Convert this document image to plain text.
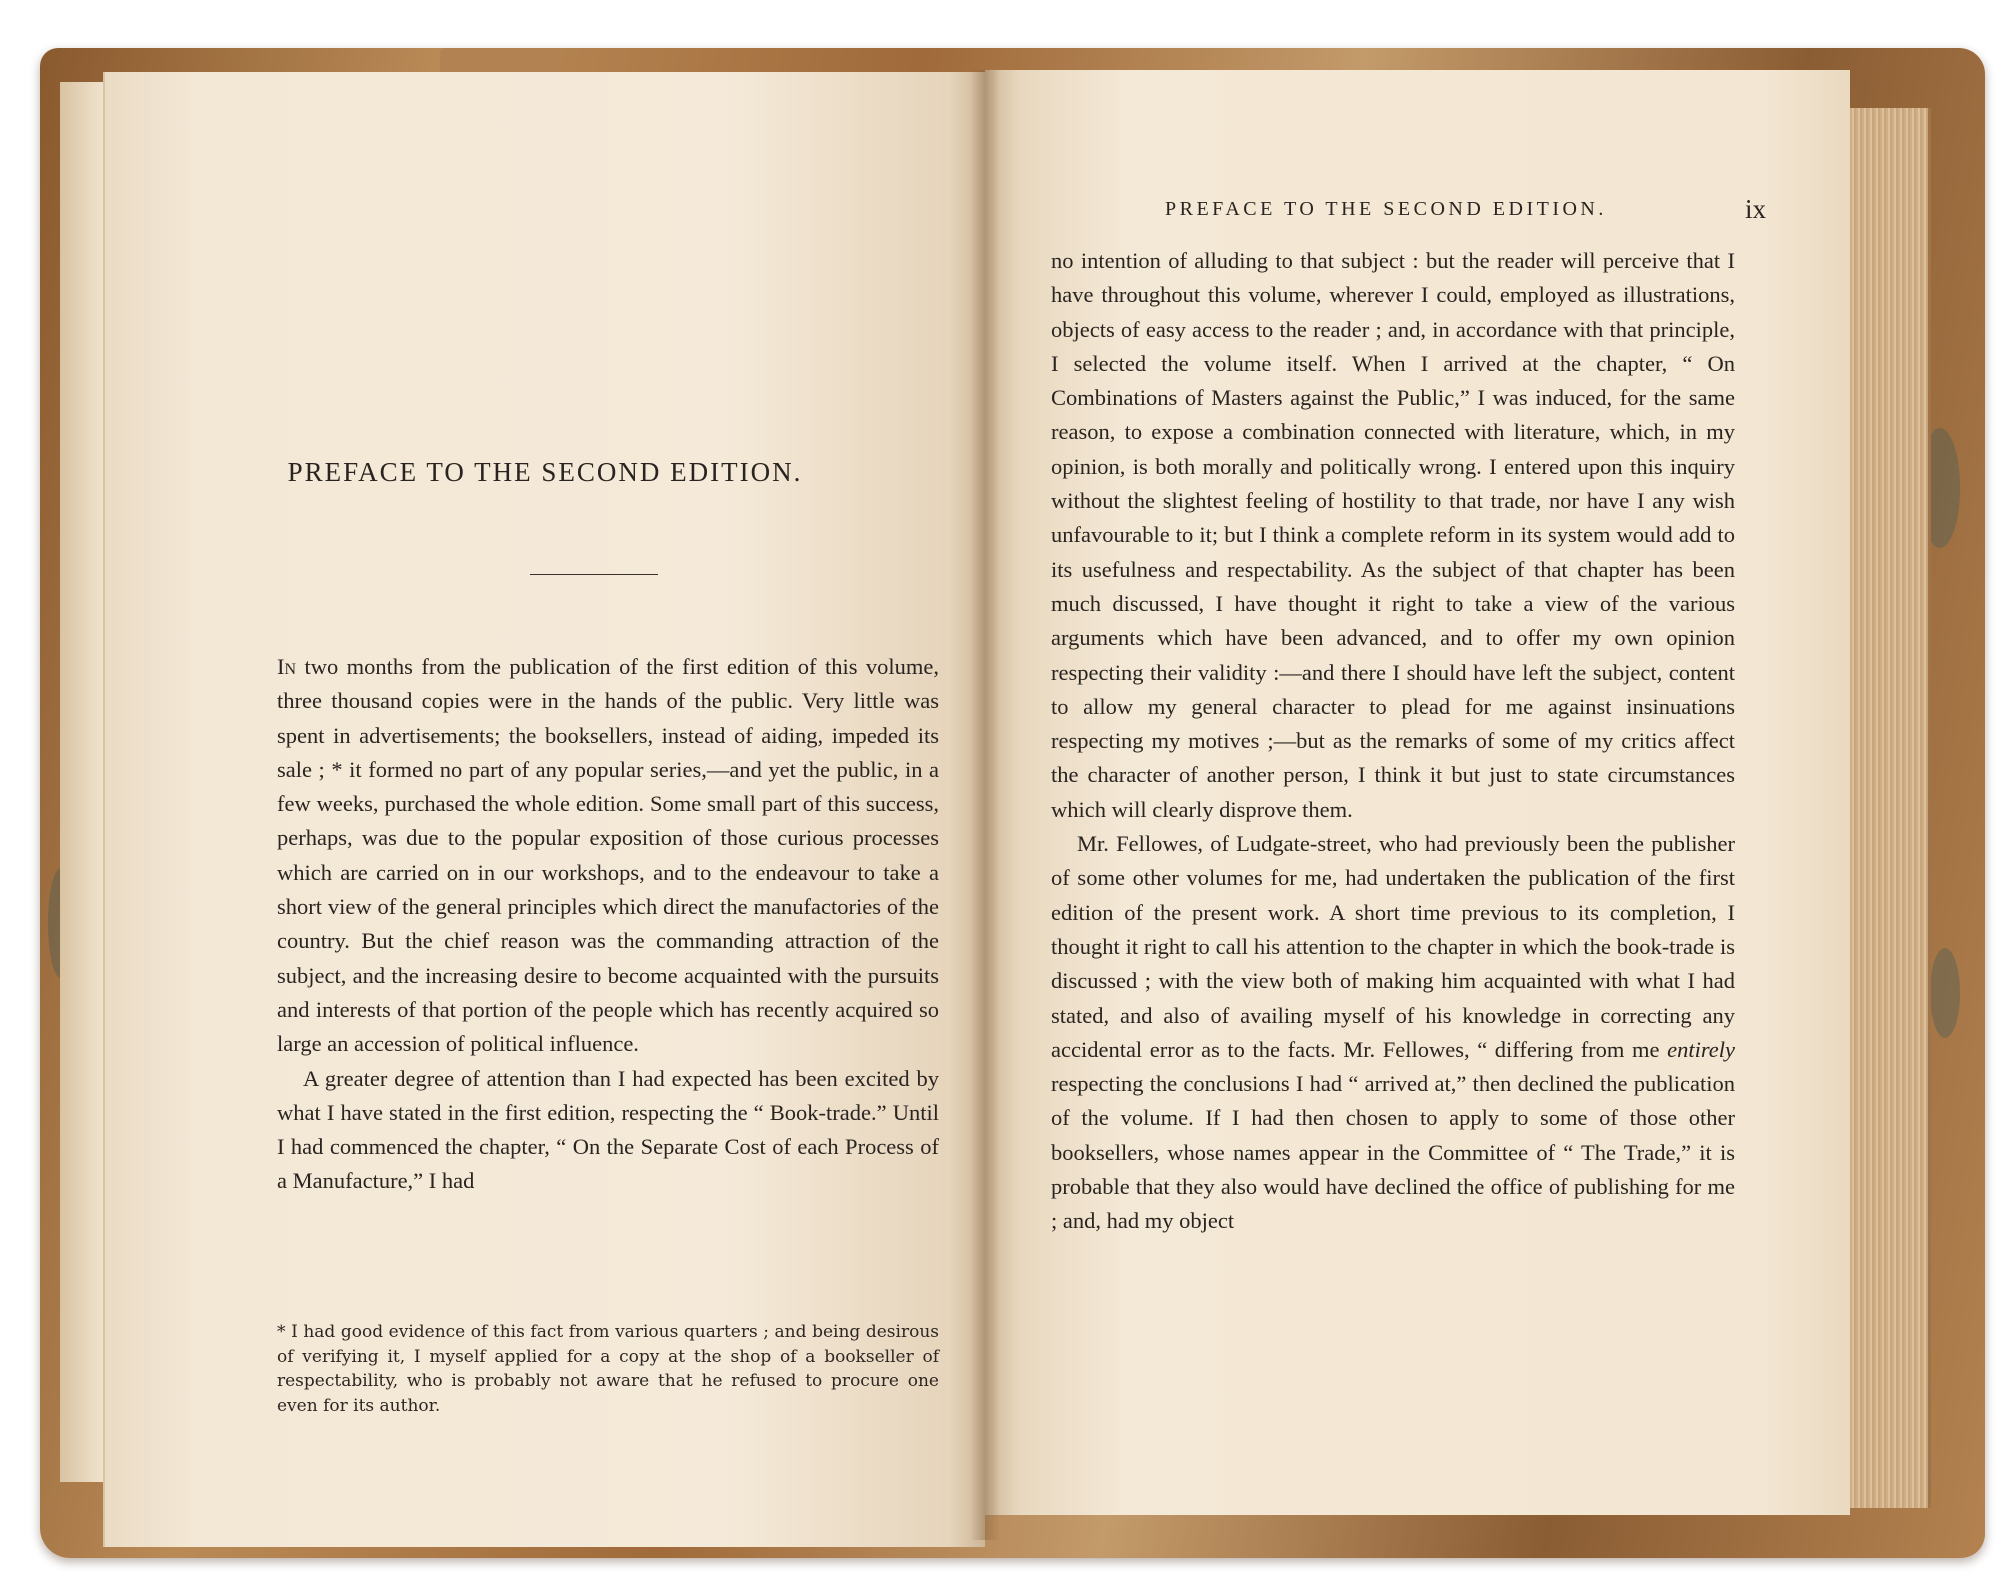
PREFACE TO THE SECOND EDITION.

In two months from the publication of the first edition of this volume, three thousand copies were in the hands of the public. Very little was spent in advertisements; the booksellers, instead of aiding, impeded its sale ; * it formed no part of any popular series,—and yet the public, in a few weeks, purchased the whole edition. Some small part of this success, perhaps, was due to the popular exposition of those curious processes which are carried on in our workshops, and to the endeavour to take a short view of the general principles which direct the manufactories of the country. But the chief reason was the commanding attraction of the subject, and the increasing desire to become acquainted with the pursuits and interests of that portion of the people which has recently acquired so large an accession of political influence.

A greater degree of attention than I had expected has been excited by what I have stated in the first edition, respecting the “ Book-trade.” Until I had commenced the chapter, “ On the Separate Cost of each Process of a Manufacture,” I had

* I had good evidence of this fact from various quarters ; and being desirous of verifying it, I myself applied for a copy at the shop of a bookseller of respectability, who is probably not aware that he refused to procure one even for its author.
PREFACE TO THE SECOND EDITION.	ix

no intention of alluding to that subject : but the reader will perceive that I have throughout this volume, wherever I could, employed as illustrations, objects of easy access to the reader ; and, in accordance with that principle, I selected the volume itself. When I arrived at the chapter, “ On Combinations of Masters against the Public,” I was induced, for the same reason, to expose a combination connected with literature, which, in my opinion, is both morally and politically wrong. I entered upon this inquiry without the slightest feeling of hostility to that trade, nor have I any wish unfavourable to it; but I think a complete reform in its system would add to its usefulness and respectability. As the subject of that chapter has been much discussed, I have thought it right to take a view of the various arguments which have been advanced, and to offer my own opinion respecting their validity :—and there I should have left the subject, content to allow my general character to plead for me against insinuations respecting my motives ;—but as the remarks of some of my critics affect the character of another person, I think it but just to state circumstances which will clearly disprove them.

Mr. Fellowes, of Ludgate-street, who had previously been the publisher of some other volumes for me, had undertaken the publication of the first edition of the present work. A short time previous to its completion, I thought it right to call his attention to the chapter in which the book-trade is discussed ; with the view both of making him acquainted with what I had stated, and also of availing myself of his knowledge in correcting any accidental error as to the facts. Mr. Fellowes, “ differing from me entirely respecting the conclusions I had “ arrived at,” then declined the publication of the volume. If I had then chosen to apply to some of those other booksellers, whose names appear in the Committee of “ The Trade,” it is probable that they also would have declined the office of publishing for me ; and, had my object
